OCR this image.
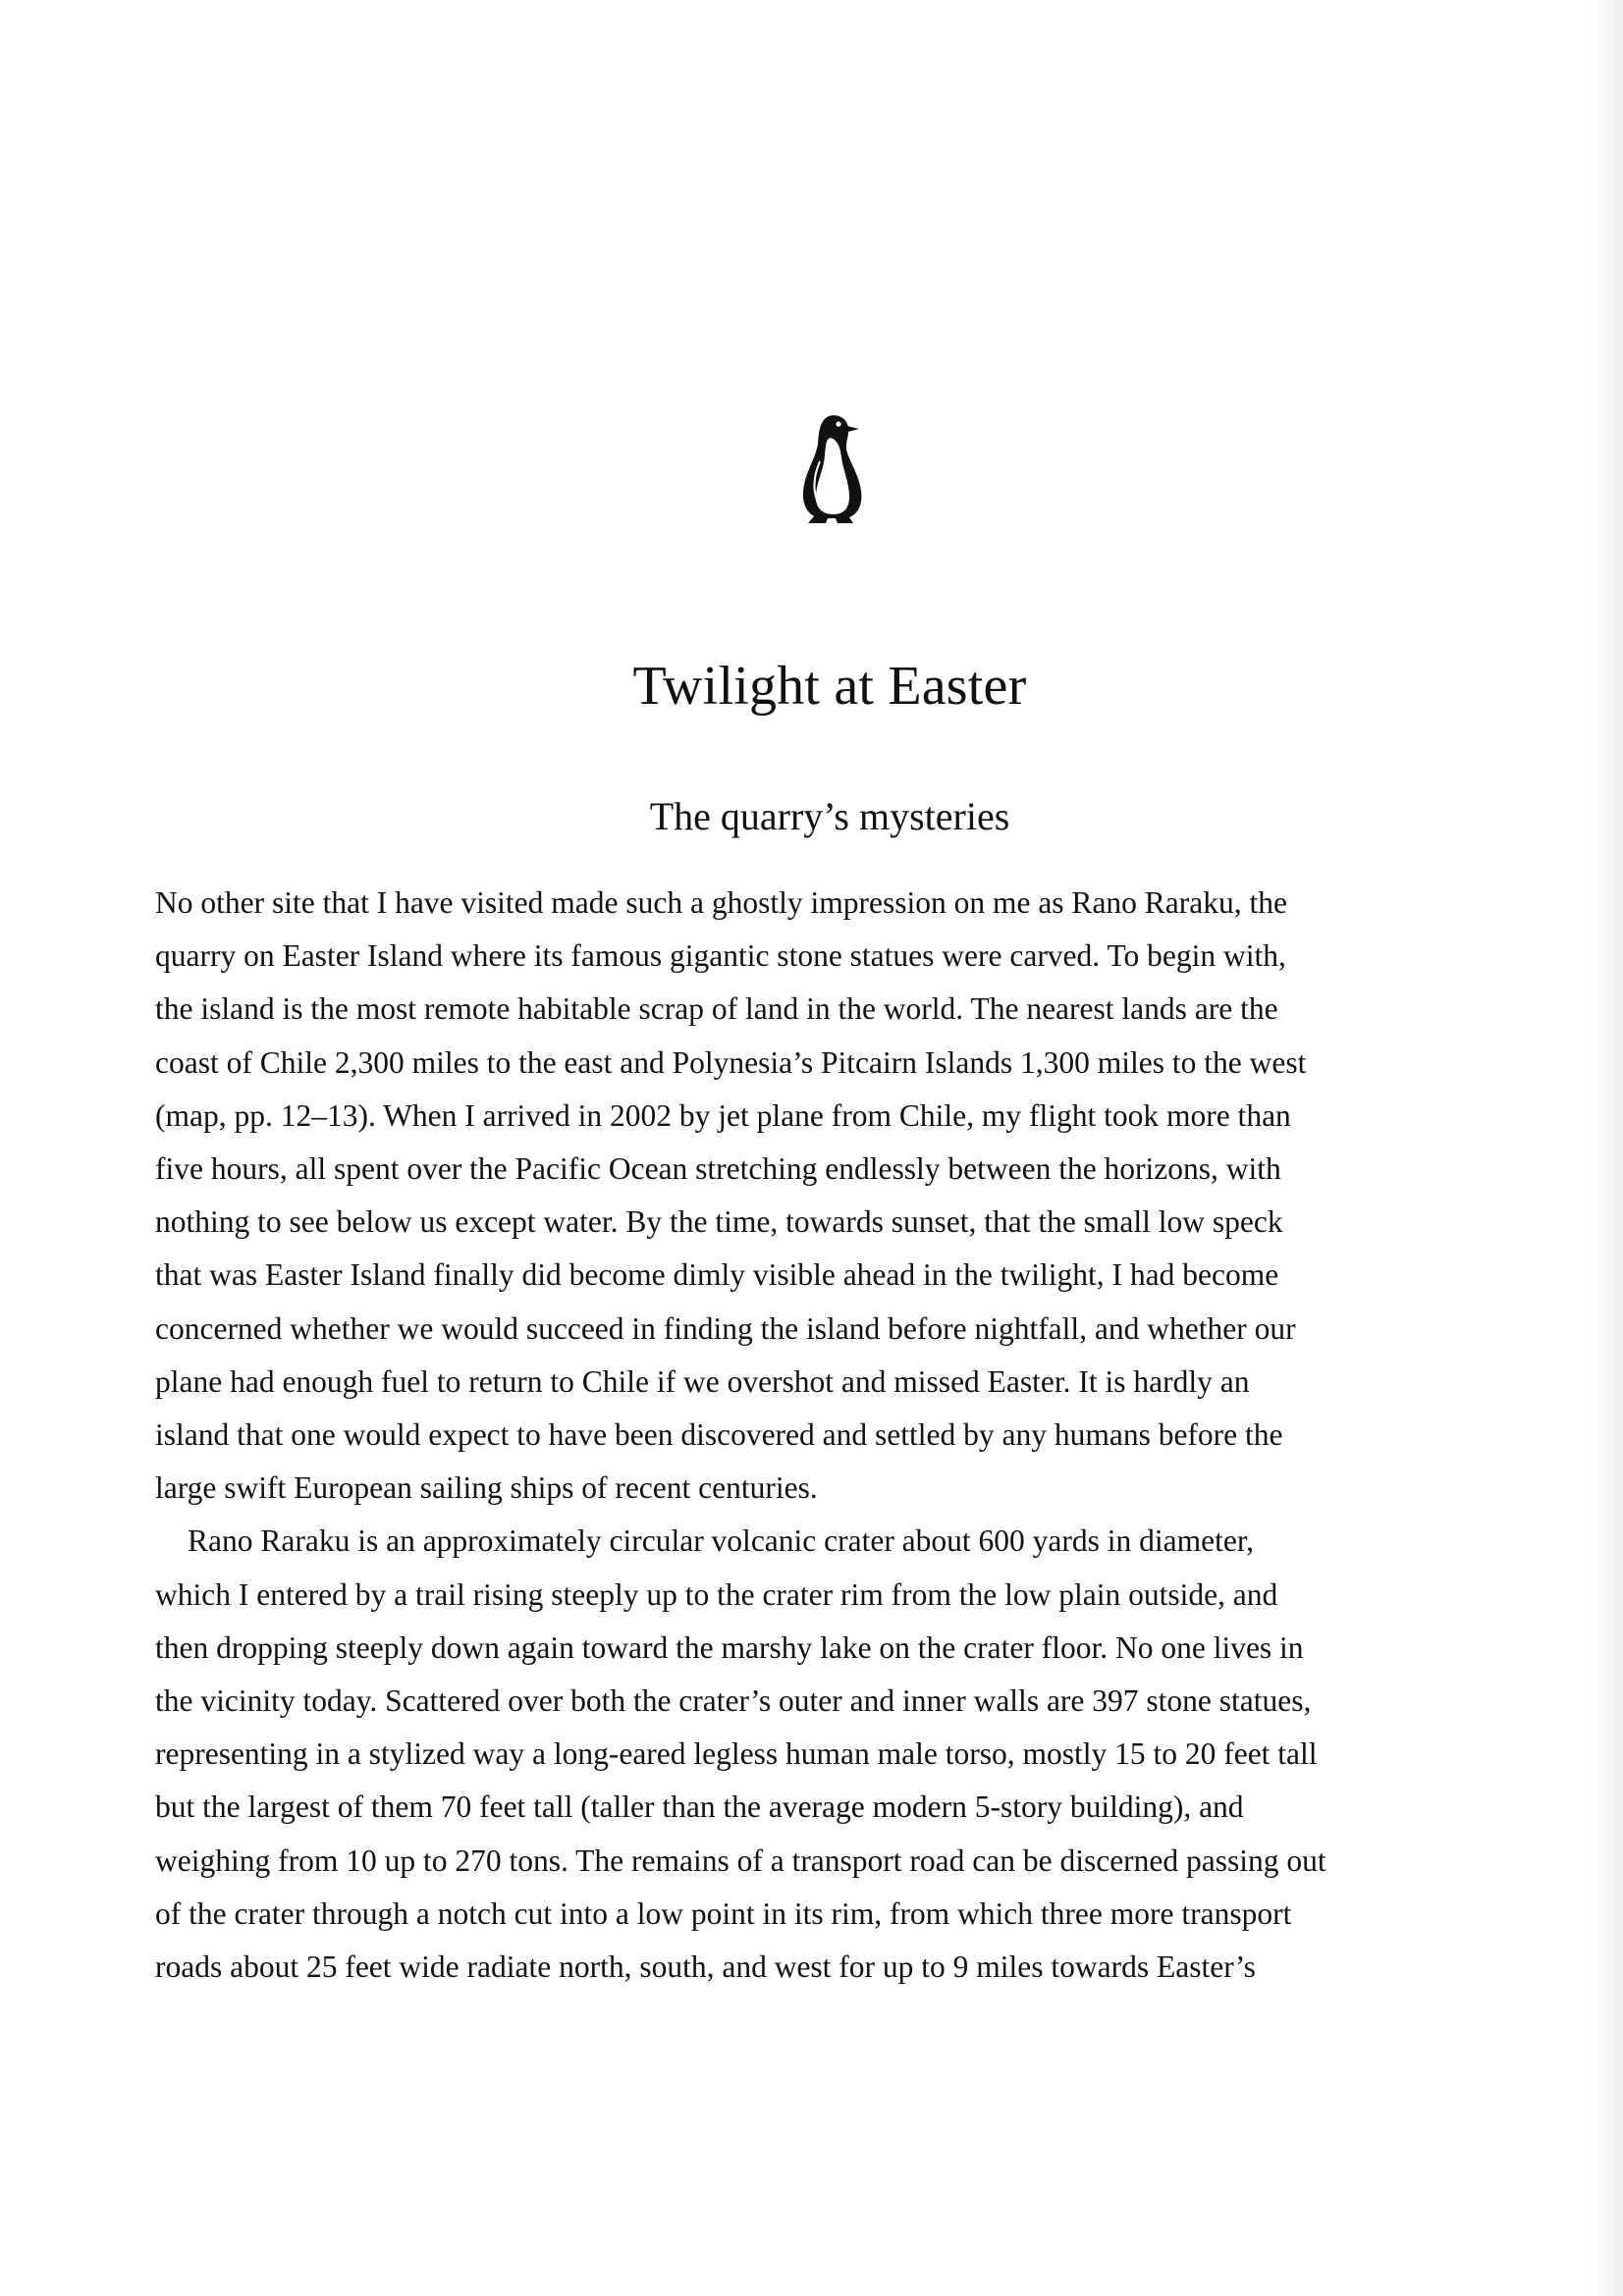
Twilight at Easter
The quarry’s mysteries
No other site that I have visited made such a ghostly impression on me as Rano Raraku, the
quarry on Easter Island where its famous gigantic stone statues were carved. To begin with,
the island is the most remote habitable scrap of land in the world. The nearest lands are the
coast of Chile 2,300 miles to the east and Polynesia’s Pitcairn Islands 1,300 miles to the west
(map, pp. 12–13). When I arrived in 2002 by jet plane from Chile, my flight took more than
five hours, all spent over the Pacific Ocean stretching endlessly between the horizons, with
nothing to see below us except water. By the time, towards sunset, that the small low speck
that was Easter Island finally did become dimly visible ahead in the twilight, I had become
concerned whether we would succeed in finding the island before nightfall, and whether our
plane had enough fuel to return to Chile if we overshot and missed Easter. It is hardly an
island that one would expect to have been discovered and settled by any humans before the
large swift European sailing ships of recent centuries.
Rano Raraku is an approximately circular volcanic crater about 600 yards in diameter,
which I entered by a trail rising steeply up to the crater rim from the low plain outside, and
then dropping steeply down again toward the marshy lake on the crater floor. No one lives in
the vicinity today. Scattered over both the crater’s outer and inner walls are 397 stone statues,
representing in a stylized way a long-eared legless human male torso, mostly 15 to 20 feet tall
but the largest of them 70 feet tall (taller than the average modern 5-story building), and
weighing from 10 up to 270 tons. The remains of a transport road can be discerned passing out
of the crater through a notch cut into a low point in its rim, from which three more transport
roads about 25 feet wide radiate north, south, and west for up to 9 miles towards Easter’s
